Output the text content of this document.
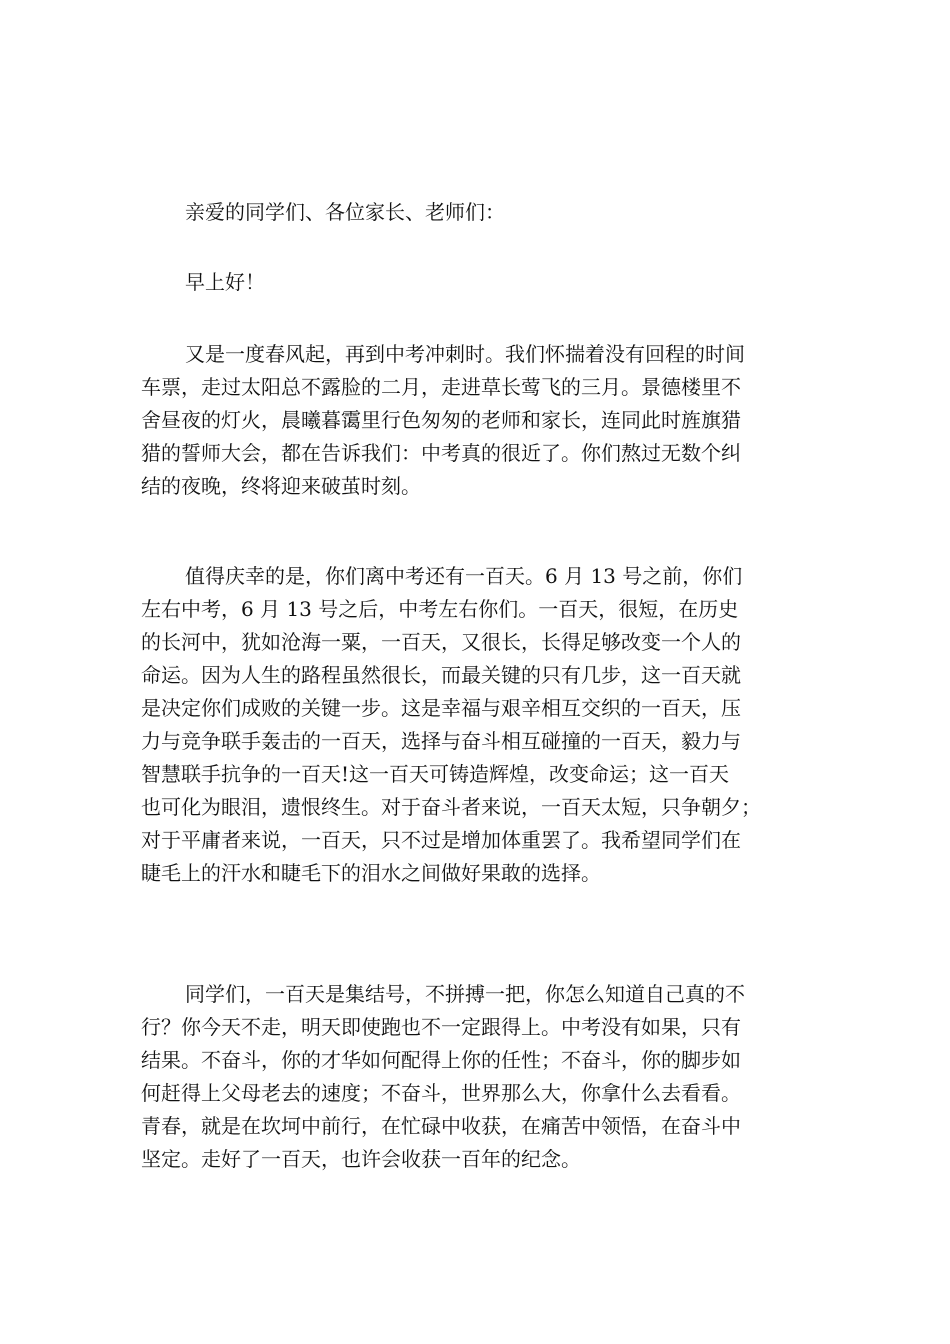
亲爱的同学们、各位家长、老师们：
早上好！
又是一度春风起，再到中考冲刺时。我们怀揣着没有回程的时间
车票，走过太阳总不露脸的二月，走进草长莺飞的三月。景德楼里不
舍昼夜的灯火，晨曦暮霭里行色匆匆的老师和家长，连同此时旌旗猎
猎的誓师大会，都在告诉我们：中考真的很近了。你们熬过无数个纠
结的夜晚，终将迎来破茧时刻。
值得庆幸的是，你们离中考还有一百天。6 月 13 号之前，你们
左右中考，6 月 13 号之后，中考左右你们。一百天，很短，在历史
的长河中，犹如沧海一粟，一百天，又很长，长得足够改变一个人的
命运。因为人生的路程虽然很长，而最关键的只有几步，这一百天就
是决定你们成败的关键一步。这是幸福与艰辛相互交织的一百天，压
力与竞争联手轰击的一百天，选择与奋斗相互碰撞的一百天，毅力与
智慧联手抗争的一百天!这一百天可铸造辉煌，改变命运；这一百天
也可化为眼泪，遗恨终生。对于奋斗者来说，一百天太短，只争朝夕；
对于平庸者来说，一百天，只不过是增加体重罢了。我希望同学们在
睫毛上的汗水和睫毛下的泪水之间做好果敢的选择。
同学们，一百天是集结号，不拼搏一把，你怎么知道自己真的不
行？你今天不走，明天即使跑也不一定跟得上。中考没有如果，只有
结果。不奋斗，你的才华如何配得上你的任性；不奋斗，你的脚步如
何赶得上父母老去的速度；不奋斗，世界那么大，你拿什么去看看。
青春，就是在坎坷中前行，在忙碌中收获，在痛苦中领悟，在奋斗中
坚定。走好了一百天，也许会收获一百年的纪念。
